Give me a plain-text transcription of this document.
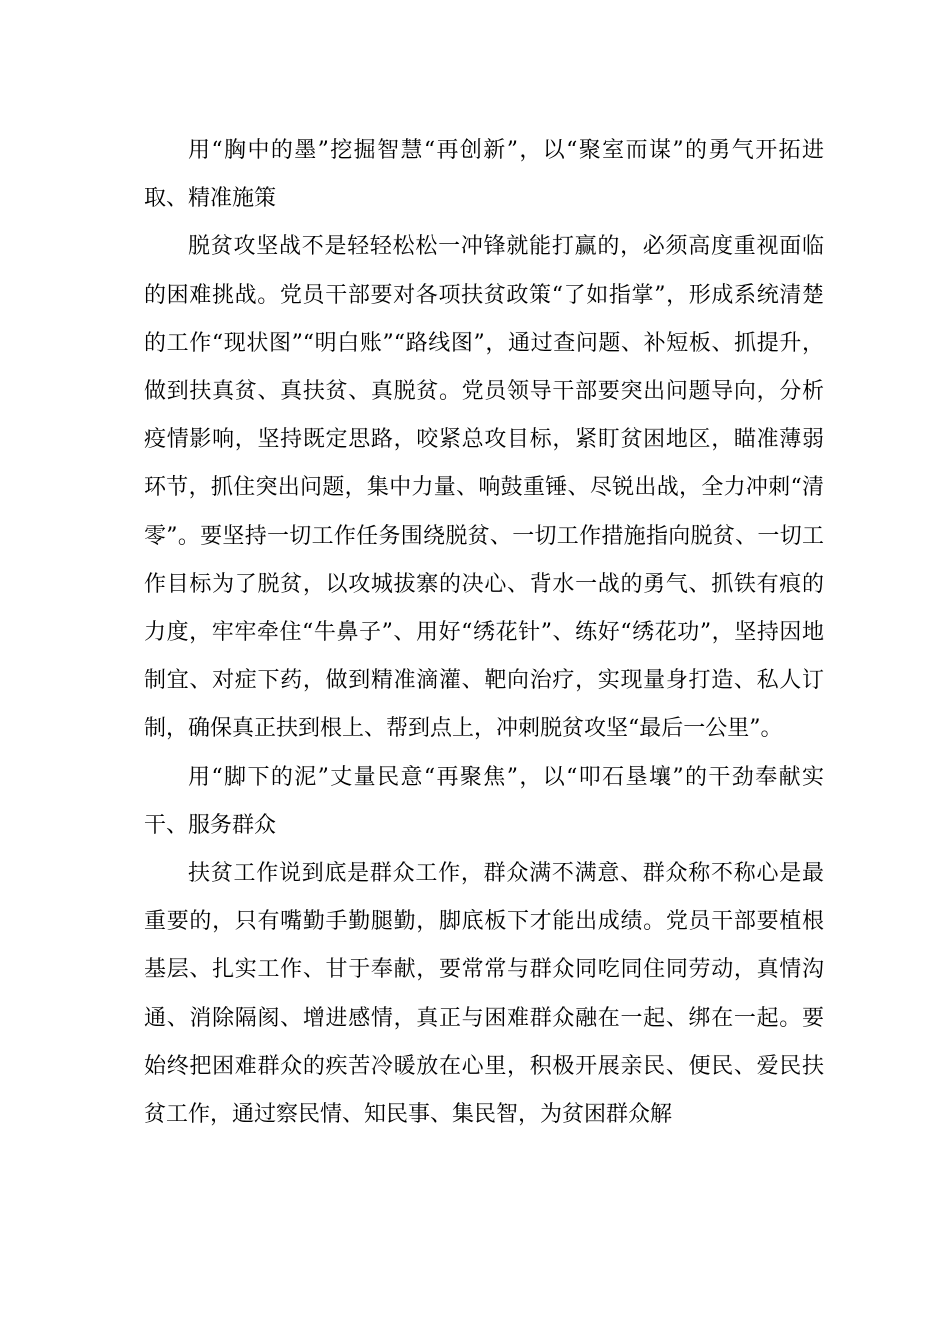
用“胸中的墨”挖掘智慧“再创新”，以“聚室而谋”的勇气开拓进取、精准施策

脱贫攻坚战不是轻轻松松一冲锋就能打赢的，必须高度重视面临的困难挑战。党员干部要对各项扶贫政策“了如指掌”，形成系统清楚的工作“现状图”“明白账”“路线图”，通过查问题、补短板、抓提升，做到扶真贫、真扶贫、真脱贫。党员领导干部要突出问题导向，分析疫情影响，坚持既定思路，咬紧总攻目标，紧盯贫困地区，瞄准薄弱环节，抓住突出问题，集中力量、响鼓重锤、尽锐出战，全力冲刺“清零”。要坚持一切工作任务围绕脱贫、一切工作措施指向脱贫、一切工作目标为了脱贫，以攻城拔寨的决心、背水一战的勇气、抓铁有痕的力度，牢牢牵住“牛鼻子”、用好“绣花针”、练好“绣花功”，坚持因地制宜、对症下药，做到精准滴灌、靶向治疗，实现量身打造、私人订制，确保真正扶到根上、帮到点上，冲刺脱贫攻坚“最后一公里”。

用“脚下的泥”丈量民意“再聚焦”，以“叩石垦壤”的干劲奉献实干、服务群众

扶贫工作说到底是群众工作，群众满不满意、群众称不称心是最重要的，只有嘴勤手勤腿勤，脚底板下才能出成绩。党员干部要植根基层、扎实工作、甘于奉献，要常常与群众同吃同住同劳动，真情沟通、消除隔阂、增进感情，真正与困难群众融在一起、绑在一起。要始终把困难群众的疾苦冷暖放在心里，积极开展亲民、便民、爱民扶贫工作，通过察民情、知民事、集民智，为贫困群众解
